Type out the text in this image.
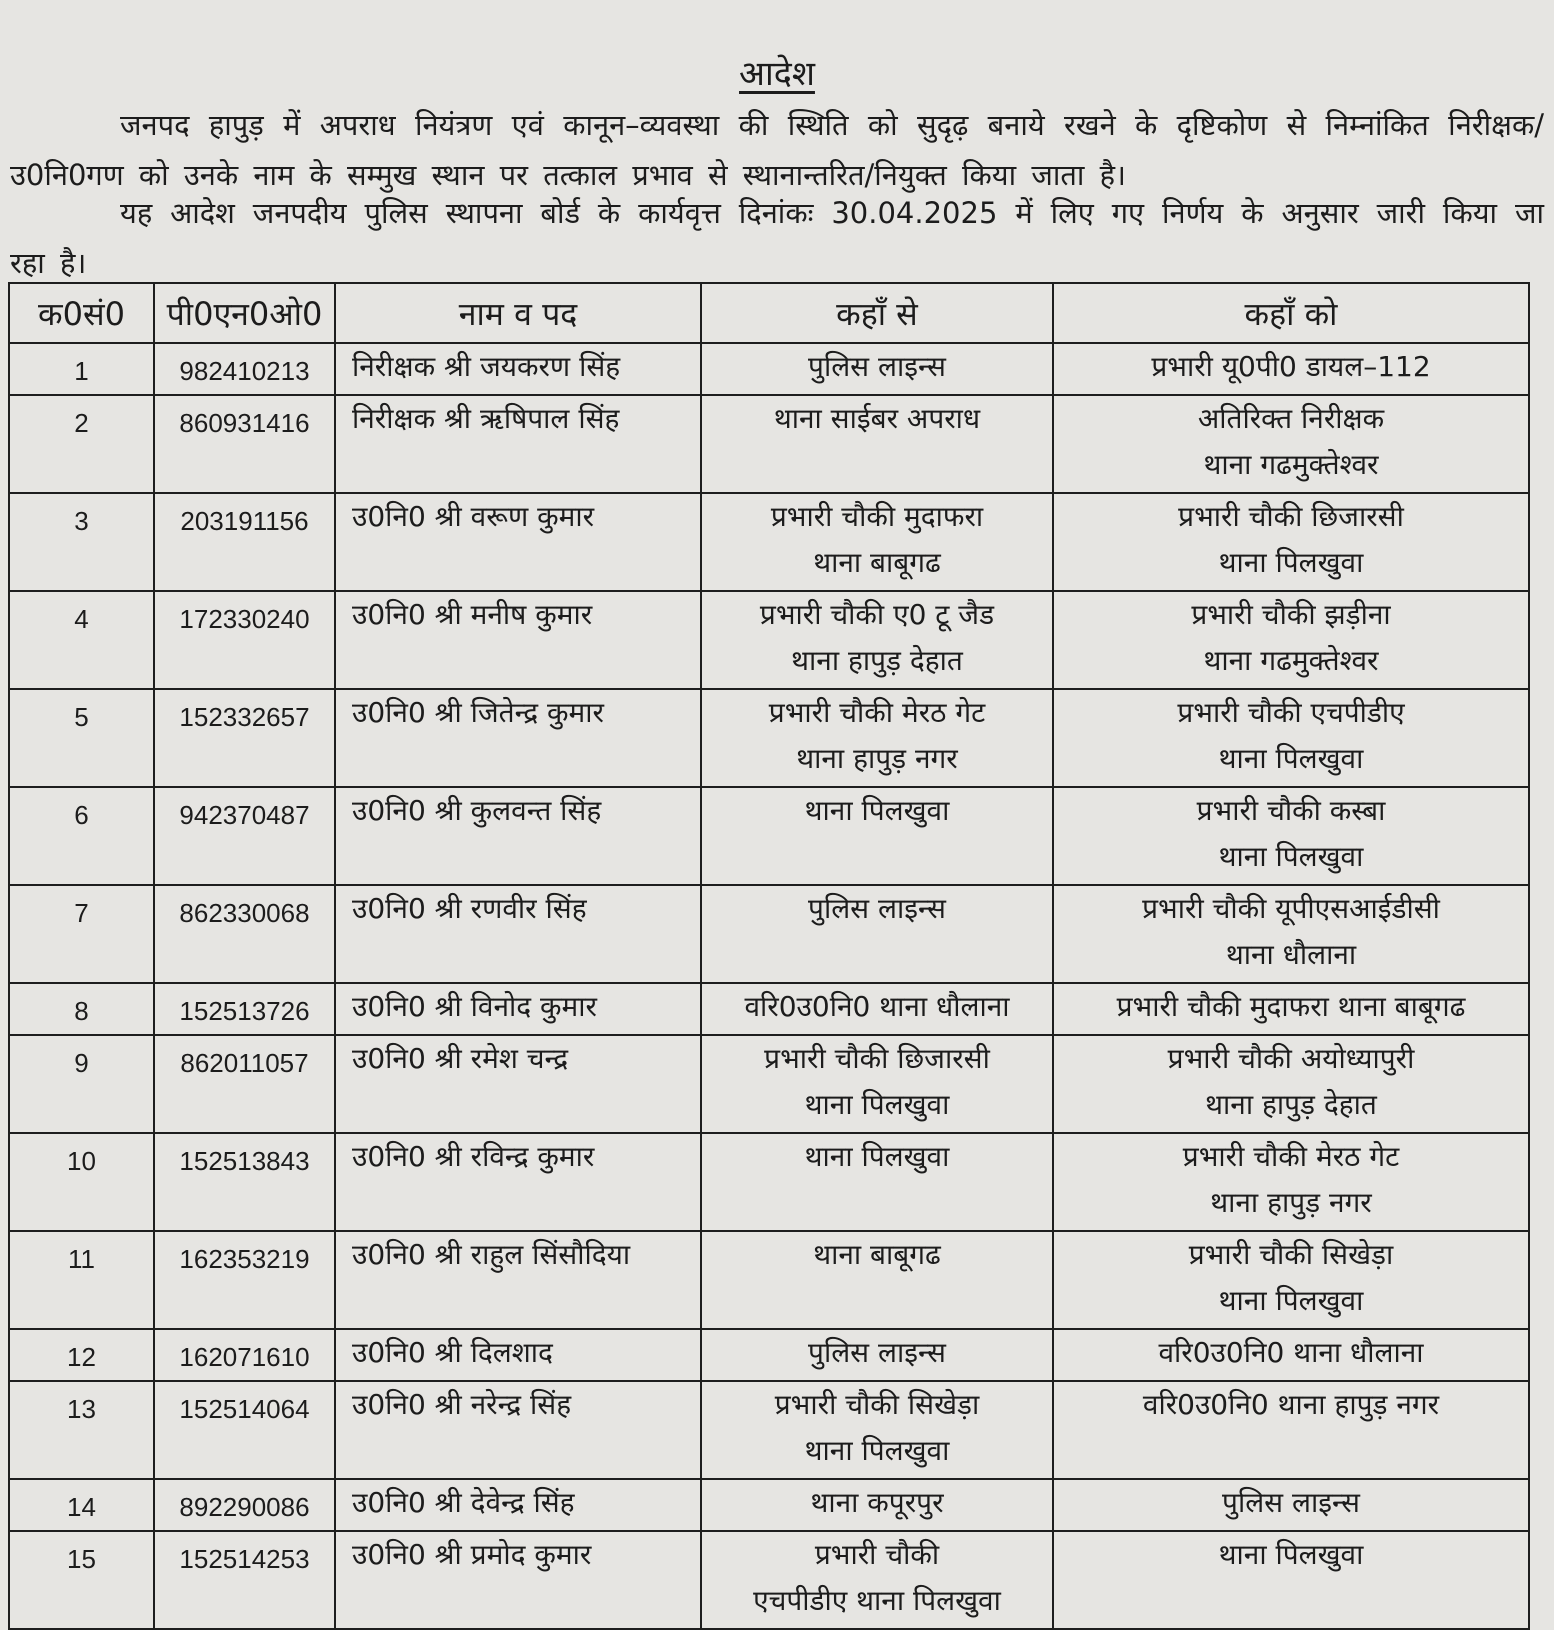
आदेश
जनपद हापुड़ में अपराध नियंत्रण एवं कानून–व्यवस्था की स्थिति को सुदृढ़ बनाये रखने के दृष्टिकोण से निम्नांकित निरीक्षक/उ0नि0गण को उनके नाम के सम्मुख स्थान पर तत्काल प्रभाव से स्थानान्तरित/नियुक्त किया जाता है।
यह आदेश जनपदीय पुलिस स्थापना बोर्ड के कार्यवृत्त दिनांकः 30.04.2025 में लिए गए निर्णय के अनुसार जारी किया जा रहा है।
क0सं0	पी0एन0ओ0	नाम व पद	कहाँ से	कहाँ को
1	982410213	निरीक्षक श्री जयकरण सिंह	पुलिस लाइन्स	प्रभारी यू0पी0 डायल–112
2	860931416	निरीक्षक श्री ऋषिपाल सिंह	थाना साईबर अपराध	अतिरिक्त निरीक्षक
थाना गढमुक्तेश्वर
3	203191156	उ0नि0 श्री वरूण कुमार	प्रभारी चौकी मुदाफरा
थाना बाबूगढ	प्रभारी चौकी छिजारसी
थाना पिलखुवा
4	172330240	उ0नि0 श्री मनीष कुमार	प्रभारी चौकी ए0 टू जैड
थाना हापुड़ देहात	प्रभारी चौकी झड़ीना
थाना गढमुक्तेश्वर
5	152332657	उ0नि0 श्री जितेन्द्र कुमार	प्रभारी चौकी मेरठ गेट
थाना हापुड़ नगर	प्रभारी चौकी एचपीडीए
थाना पिलखुवा
6	942370487	उ0नि0 श्री कुलवन्त सिंह	थाना पिलखुवा	प्रभारी चौकी कस्बा
थाना पिलखुवा
7	862330068	उ0नि0 श्री रणवीर सिंह	पुलिस लाइन्स	प्रभारी चौकी यूपीएसआईडीसी
थाना धौलाना
8	152513726	उ0नि0 श्री विनोद कुमार	वरि0उ0नि0 थाना धौलाना	प्रभारी चौकी मुदाफरा थाना बाबूगढ
9	862011057	उ0नि0 श्री रमेश चन्द्र	प्रभारी चौकी छिजारसी
थाना पिलखुवा	प्रभारी चौकी अयोध्यापुरी
थाना हापुड़ देहात
10	152513843	उ0नि0 श्री रविन्द्र कुमार	थाना पिलखुवा	प्रभारी चौकी मेरठ गेट
थाना हापुड़ नगर
11	162353219	उ0नि0 श्री राहुल सिंसौदिया	थाना बाबूगढ	प्रभारी चौकी सिखेड़ा
थाना पिलखुवा
12	162071610	उ0नि0 श्री दिलशाद	पुलिस लाइन्स	वरि0उ0नि0 थाना धौलाना
13	152514064	उ0नि0 श्री नरेन्द्र सिंह	प्रभारी चौकी सिखेड़ा
थाना पिलखुवा	वरि0उ0नि0 थाना हापुड़ नगर
14	892290086	उ0नि0 श्री देवेन्द्र सिंह	थाना कपूरपुर	पुलिस लाइन्स
15	152514253	उ0नि0 श्री प्रमोद कुमार	प्रभारी चौकी
एचपीडीए थाना पिलखुवा	थाना पिलखुवा
